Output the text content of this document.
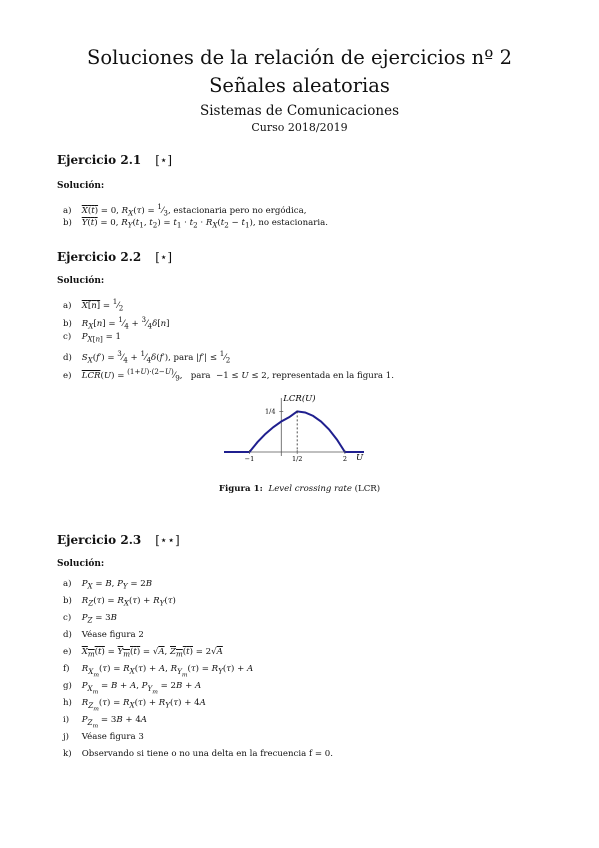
Soluciones de la relación de ejercicios nº 2
Señales aleatorias
Sistemas de Comunicaciones
Curso 2018/2019
Ejercicio 2.1 [⋆]
Solución:
a) X(t) = 0, $R_X(\tau)$ = $^1⁄_3$, estacionaria pero no ergódica,
b) Y(t) = 0, $R_Y(t_1$, $t_2) = t_1 \cdot t_2 \cdot R_X(t_2 - t_1)$, no estacionaria.
Ejercicio 2.2 [⋆]
Solución:
a) $X[n] = ^1⁄_2$
b) $R_X[n]$ = $^1⁄_4$ + $^3⁄_4\delta[n]$
c) $P_{X[n]} = 1$
d) $S_X(f')$ = $^3⁄_4$ + $^1⁄_4\delta(f')$, para $|f'| \le ^1⁄_2$
e) $\overline{LCR}(U)$ = $^{(1+U)\cdot(2-U)}⁄_9$,   para  −1 ≤ U ≤ 2, representada en la figura 1.
−1	1/2	2
1/4
U
LCR(U)
Figura 1: Level crossing rate (LCR)
Ejercicio 2.3 [⋆⋆]
Solución:
a) $P_X = B$, $P_Y = 2B$
b) $R_Z(\tau) = R_X(\tau) + R_Y(\tau)$
c) $P_Z = 3B$
d) Véase figura 2
e) $X_m(t) = Y_m(t) = √A$, $Z_m(t) = 2√A$
f) $R_{X_m}(\tau) = R_X(\tau) + A$, $R_{Y_m}(\tau) = R_Y(\tau) + A$
g) $P_{X_m} = B + A$, $P_{Y_m} = 2B + A$
h) $R_{Z_m}(\tau) = R_X(\tau) + R_Y(\tau) + 4A$
i) $P_{Z_m} = 3B + 4A$
j) Véase figura 3
k) Observando si tiene o no una delta en la frecuencia f = 0.
